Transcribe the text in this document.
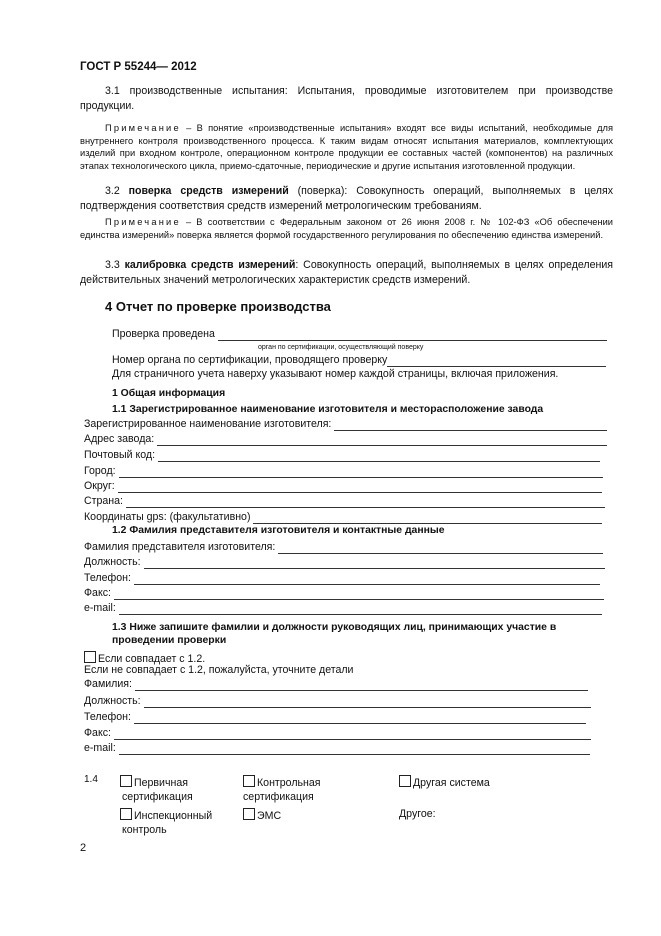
ГОСТ Р 55244— 2012
3.1 производственные испытания: Испытания, проводимые изготовителем при производстве продукции.
Примечание – В понятие «производственные испытания» входят все виды испытаний, необходимые для внутреннего контроля производственного процесса. К таким видам относят испытания материалов, комплектующих изделий при входном контроле, операционном контроле продукции ее составных частей (компонентов) на различных этапах технологического цикла, приемо-сдаточные, периодические и другие испытания изготовленной продукции.
3.2 поверка средств измерений (поверка): Совокупность операций, выполняемых в целях подтверждения соответствия средств измерений метрологическим требованиям.
Примечание – В соответствии с Федеральным законом от 26 июня 2008 г. № 102-ФЗ «Об обеспечении единства измерений» поверка является формой государственного регулирования по обеспечению единства измерений.
3.3 калибровка средств измерений: Совокупность операций, выполняемых в целях определения действительных значений метрологических характеристик средств измерений.
4 Отчет по проверке производства
Проверка проведена
орган по сертификации, осуществляющий поверку
Номер органа по сертификации, проводящего проверку
Для страничного учета наверху указывают номер каждой страницы, включая приложения.
1 Общая информация
1.1 Зарегистрированное наименование изготовителя и месторасположение завода
Зарегистрированное наименование изготовителя:
Адрес завода:
Почтовый код:
Город:
Округ:
Страна:
Координаты gps: (факультативно)
1.2 Фамилия представителя изготовителя и контактные данные
Фамилия представителя изготовителя:
Должность:
Телефон:
Факс:
e-mail:
1.3 Ниже запишите фамилии и должности руководящих лиц, принимающих участие в
проведении проверки
Если совпадает с 1.2.
Если не совпадает с 1.2, пожалуйста, уточните детали
Фамилия:
Должность:
Телефон:
Факс:
e-mail:
1.4	Первичная
сертификация
Контрольная
сертификация
Другая система
Инспекционный
контроль
ЭМС	Другое:
2
